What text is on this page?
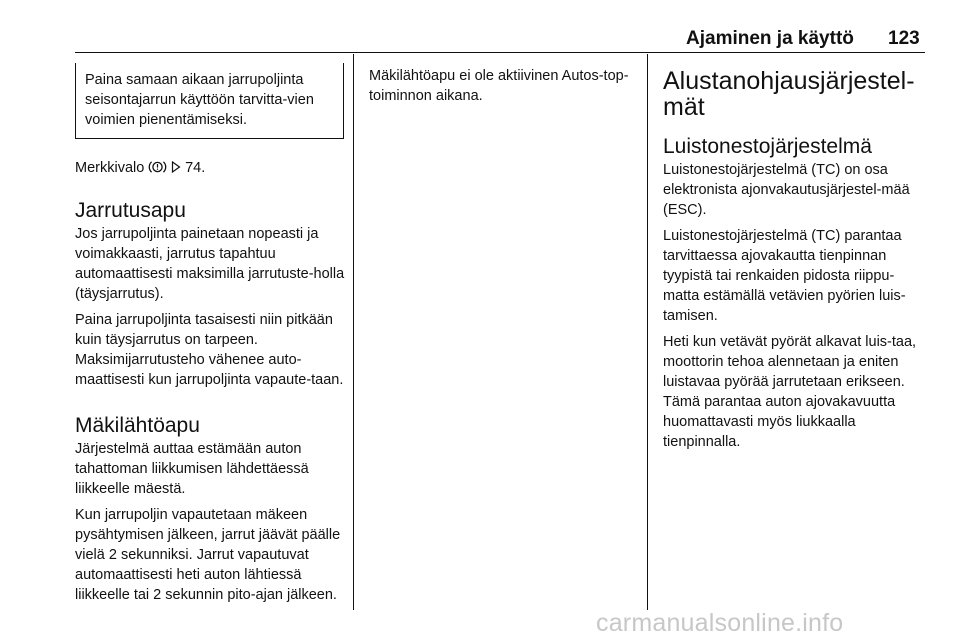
Ajaminen ja käyttö 123
Paina samaan aikaan jarrupoljinta seisontajarrun käyttöön tarvitta-vien voimien pienentämiseksi.

Merkkivalo	74.

Jarrutusapu

Jos jarrupoljinta painetaan nopeasti ja voimakkaasti, jarrutus tapahtuu automaattisesti maksimilla jarrutuste-holla (täysjarrutus).

Paina jarrupoljinta tasaisesti niin pitkään kuin täysjarrutus on tarpeen. Maksimijarrutusteho vähenee auto-maattisesti kun jarrupoljinta vapaute-taan.

Mäkilähtöapu

Järjestelmä auttaa estämään auton tahattoman liikkumisen lähdettäessä liikkeelle mäestä.

Kun jarrupoljin vapautetaan mäkeen pysähtymisen jälkeen, jarrut jäävät päälle vielä 2 sekunniksi. Jarrut vapautuvat automaattisesti heti auton lähtiessä liikkeelle tai 2 sekunnin pito-ajan jälkeen.

Mäkilähtöapu ei ole aktiivinen Autos-top-toiminnon aikana.

Alustanohjausjärjestel-mät
Luistonestojärjestelmä

Luistonestojärjestelmä (TC) on osa elektronista ajonvakautusjärjestel-mää (ESC).

Luistonestojärjestelmä (TC) parantaa tarvittaessa ajovakautta tienpinnan tyypistä tai renkaiden pidosta riippu-matta estämällä vetävien pyörien luis-tamisen.

Heti kun vetävät pyörät alkavat luis-taa, moottorin tehoa alennetaan ja eniten luistavaa pyörää jarrutetaan erikseen. Tämä parantaa auton ajovakavuutta huomattavasti myös liukkaalla tienpinnalla.

carmanualsonline.info
